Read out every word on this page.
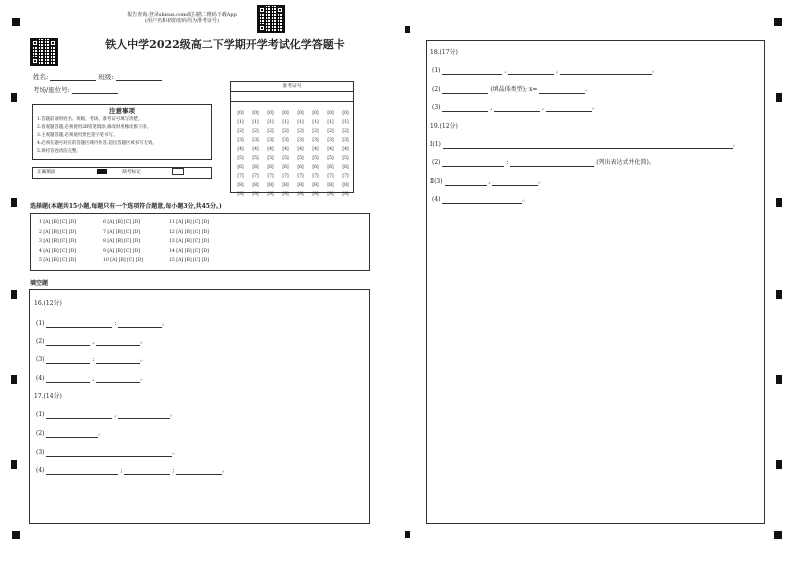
报告查询:登录shisus.com或扫描二维码下载App
(用户名和初始密码均为准考证号)
铁人中学2022级高二下学期开学考试化学答题卡
姓名:	班级:
考场/座位号:
注意事项
1.答题前请将姓名、班级、考场、准考证号填写清楚。
2.客观题答题,必须使用2B铅笔填涂,修改时用橡皮擦干净。
3.主观题答题,必须使用黑色签字笔书写。
4.必须在题号对应的答题区域内作答,超出答题区域书写无效。
5.保持答卷清洁完整。
正确填涂	缺考标记
准考证号
[0] [0] [0] [0] [0] [0] [0] [0]
[1] [1] [1] [1] [1] [1] [1] [1]
[2] [2] [2] [2] [2] [2] [2] [2]
[3] [3] [3] [3] [3] [3] [3] [3]
[4] [4] [4] [4] [4] [4] [4] [4]
[5] [5] [5] [5] [5] [5] [5] [5]
[6] [6] [6] [6] [6] [6] [6] [6]
[7] [7] [7] [7] [7] [7] [7] [7]
[8] [8] [8] [8] [8] [8] [8] [8]
[9] [9] [9] [9] [9] [9] [9] [9]
选择题(本题共15小题,每题只有一个选项符合题意,每小题3分,共45分。)
1 [A] [B] [C] [D]
2 [A] [B] [C] [D]
3 [A] [B] [C] [D]
4 [A] [B] [C] [D]
5 [A] [B] [C] [D]
6 [A] [B] [C] [D]
7 [A] [B] [C] [D]
8 [A] [B] [C] [D]
9 [A] [B] [C] [D]
10 [A] [B] [C] [D]
11 [A] [B] [C] [D]
12 [A] [B] [C] [D]
13 [A] [B] [C] [D]
14 [A] [B] [C] [D]
15 [A] [B] [C] [D]
填空题
16.(12分)
(1)	:	。
(2)	,	。
(3)	:	。
(4)	,	。
17.(14分)
(1)	,	。
(2)	。
(3)	。
(4)	;	;	。
18.(17分)
(1)	,	,	。
(2)	(填晶体类型); x=	。
(3)	,	,	。
19.(12分)
Ⅰ(1)	。
(2)	:	(列出表达式并化简)。
Ⅱ(3)	,	。
(4)	。
